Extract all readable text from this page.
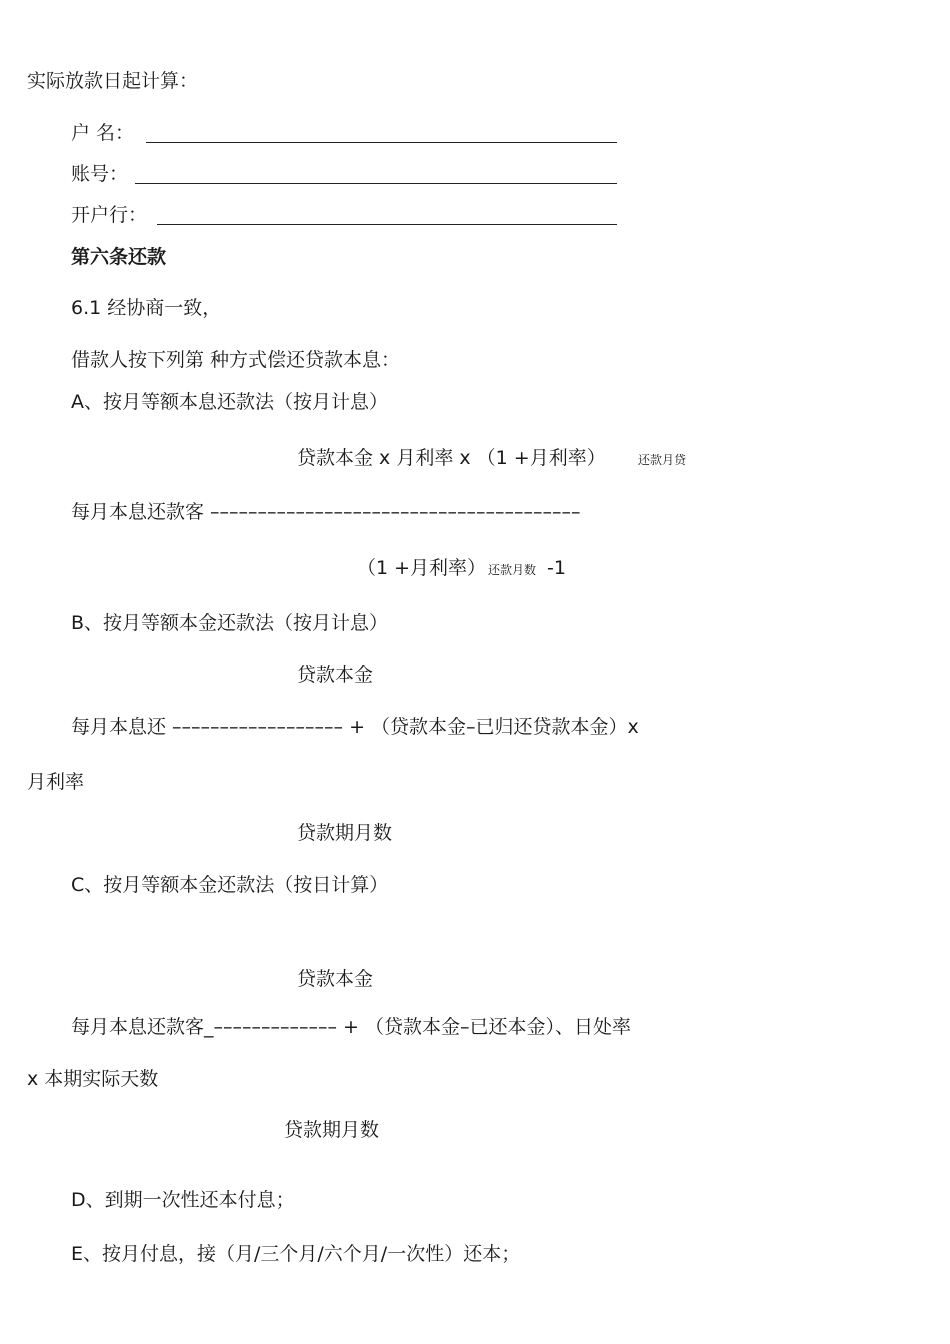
实际放款日起计算：
户 名：
账号：
开户行：
第六条还款
6.1 经协商一致，
借款人按下列第 种方式偿还贷款本息：
A、按月等额本息还款法（按月计息）
贷款本金 x 月利率 x （1 +月利率）	还款月贷
每月本息还款客 –––––––––––––––––––––––––––––––––––––––
（1 +月利率） 还款月数 -1
B、按月等额本金还款法（按月计息）
贷款本金
每月本息还 –––––––––––––––––– + （贷款本金–已归还贷款本金）x
月利率
贷款期月数
C、按月等额本金还款法（按日计算）
贷款本金
每月本息还款客_––––––––––––– + （贷款本金–已还本金）、日处率
x 本期实际天数
贷款期月数
D、到期一次性还本付息；
E、按月付息，接（月/三个月/六个月/一次性）还本；
